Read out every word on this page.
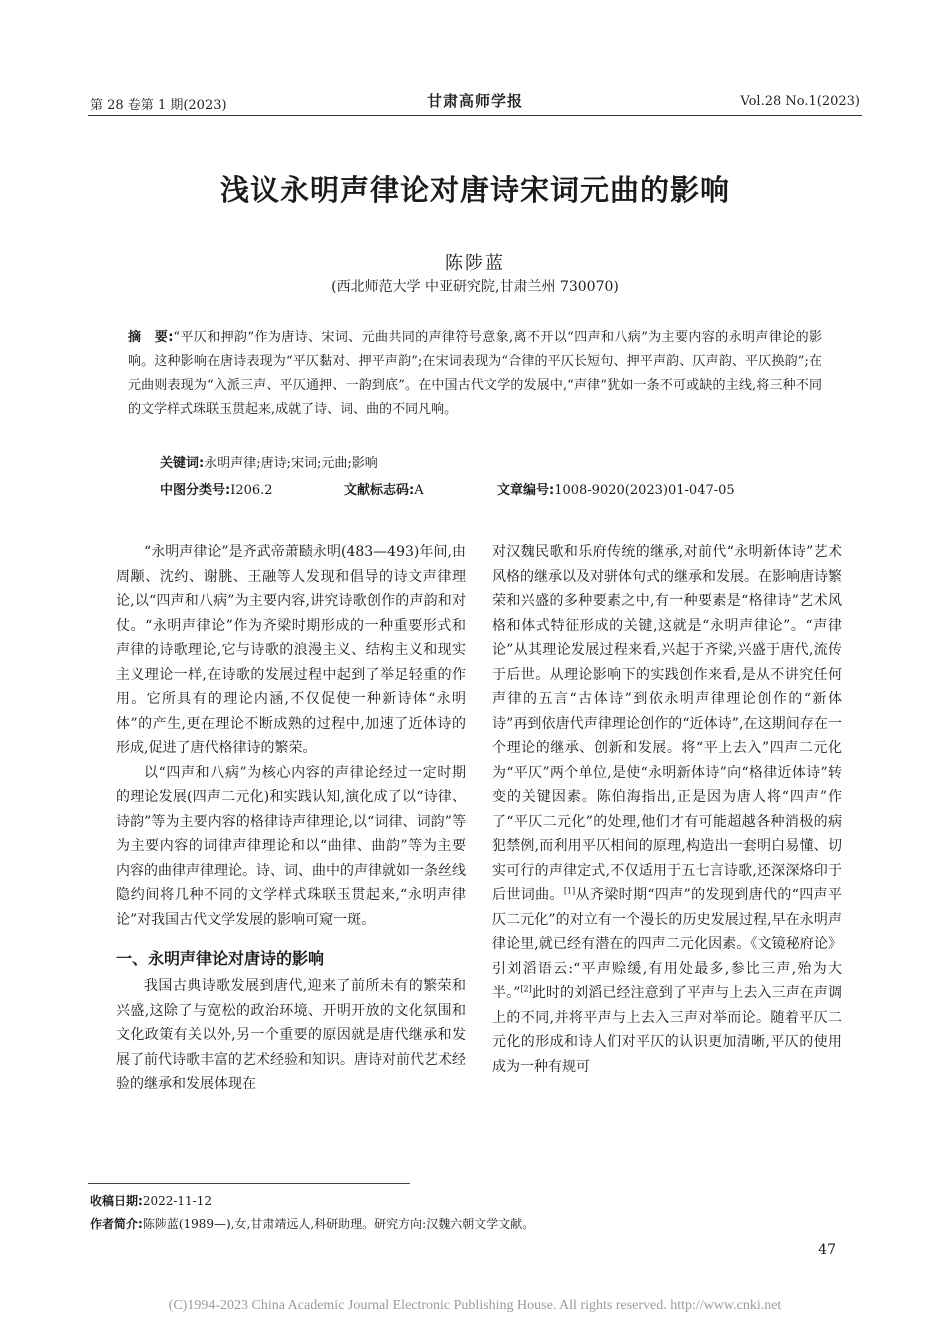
第 28 卷第 1 期(2023)	甘肃高师学报	Vol.28 No.1(2023)
浅议永明声律论对唐诗宋词元曲的影响
陈陟蓝
(西北师范大学 中亚研究院,甘肃兰州 730070)
摘　要:“平仄和押韵”作为唐诗、宋词、元曲共同的声律符号意象,离不开以“四声和八病”为主要内容的永明声律论的影响。这种影响在唐诗表现为“平仄黏对、押平声韵”;在宋词表现为“合律的平仄长短句、押平声韵、仄声韵、平仄换韵”;在元曲则表现为“入派三声、平仄通押、一韵到底”。在中国古代文学的发展中,“声律”犹如一条不可或缺的主线,将三种不同的文学样式珠联玉贯起来,成就了诗、词、曲的不同凡响。
关键词:永明声律;唐诗;宋词;元曲;影响
中图分类号:I206.2	文献标志码:A	文章编号:1008-9020(2023)01-047-05

“永明声律论”是齐武帝萧赜永明(483—493)年间,由周颙、沈约、谢朓、王融等人发现和倡导的诗文声律理论,以“四声和八病”为主要内容,讲究诗歌创作的声韵和对仗。“永明声律论”作为齐梁时期形成的一种重要形式和声律的诗歌理论,它与诗歌的浪漫主义、结构主义和现实主义理论一样,在诗歌的发展过程中起到了举足轻重的作用。它所具有的理论内涵,不仅促使一种新诗体“永明体”的产生,更在理论不断成熟的过程中,加速了近体诗的形成,促进了唐代格律诗的繁荣。

以“四声和八病”为核心内容的声律论经过一定时期的理论发展(四声二元化)和实践认知,演化成了以“诗律、诗韵”等为主要内容的格律诗声律理论,以“词律、词韵”等为主要内容的词律声律理论和以“曲律、曲韵”等为主要内容的曲律声律理论。诗、词、曲中的声律就如一条丝线隐约间将几种不同的文学样式珠联玉贯起来,“永明声律论”对我国古代文学发展的影响可窥一斑。

一、永明声律论对唐诗的影响

我国古典诗歌发展到唐代,迎来了前所未有的繁荣和兴盛,这除了与宽松的政治环境、开明开放的文化氛围和文化政策有关以外,另一个重要的原因就是唐代继承和发展了前代诗歌丰富的艺术经验和知识。唐诗对前代艺术经验的继承和发展体现在

对汉魏民歌和乐府传统的继承,对前代“永明新体诗”艺术风格的继承以及对骈体句式的继承和发展。在影响唐诗繁荣和兴盛的多种要素之中,有一种要素是“格律诗”艺术风格和体式特征形成的关键,这就是“永明声律论”。“声律论”从其理论发展过程来看,兴起于齐梁,兴盛于唐代,流传于后世。从理论影响下的实践创作来看,是从不讲究任何声律的五言“古体诗”到依永明声律理论创作的“新体诗”再到依唐代声律理论创作的“近体诗”,在这期间存在一个理论的继承、创新和发展。将“平上去入”四声二元化为“平仄”两个单位,是使“永明新体诗”向“格律近体诗”转变的关键因素。陈伯海指出,正是因为唐人将“四声”作了“平仄二元化”的处理,他们才有可能超越各种消极的病犯禁例,而利用平仄相间的原理,构造出一套明白易懂、切实可行的声律定式,不仅适用于五七言诗歌,还深深烙印于后世词曲。[1]从齐梁时期“四声”的发现到唐代的“四声平仄二元化”的对立有一个漫长的历史发展过程,早在永明声律论里,就已经有潜在的四声二元化因素。《文镜秘府论》引刘滔语云:“平声赊缓,有用处最多,参比三声,殆为大半。”[2]此时的刘滔已经注意到了平声与上去入三声在声调上的不同,并将平声与上去入三声对举而论。随着平仄二元化的形成和诗人们对平仄的认识更加清晰,平仄的使用成为一种有规可

收稿日期:2022-11-12
作者简介:陈陟蓝(1989—),女,甘肃靖远人,科研助理。研究方向:汉魏六朝文学文献。
47
(C)1994-2023 China Academic Journal Electronic Publishing House. All rights reserved. http://www.cnki.net
